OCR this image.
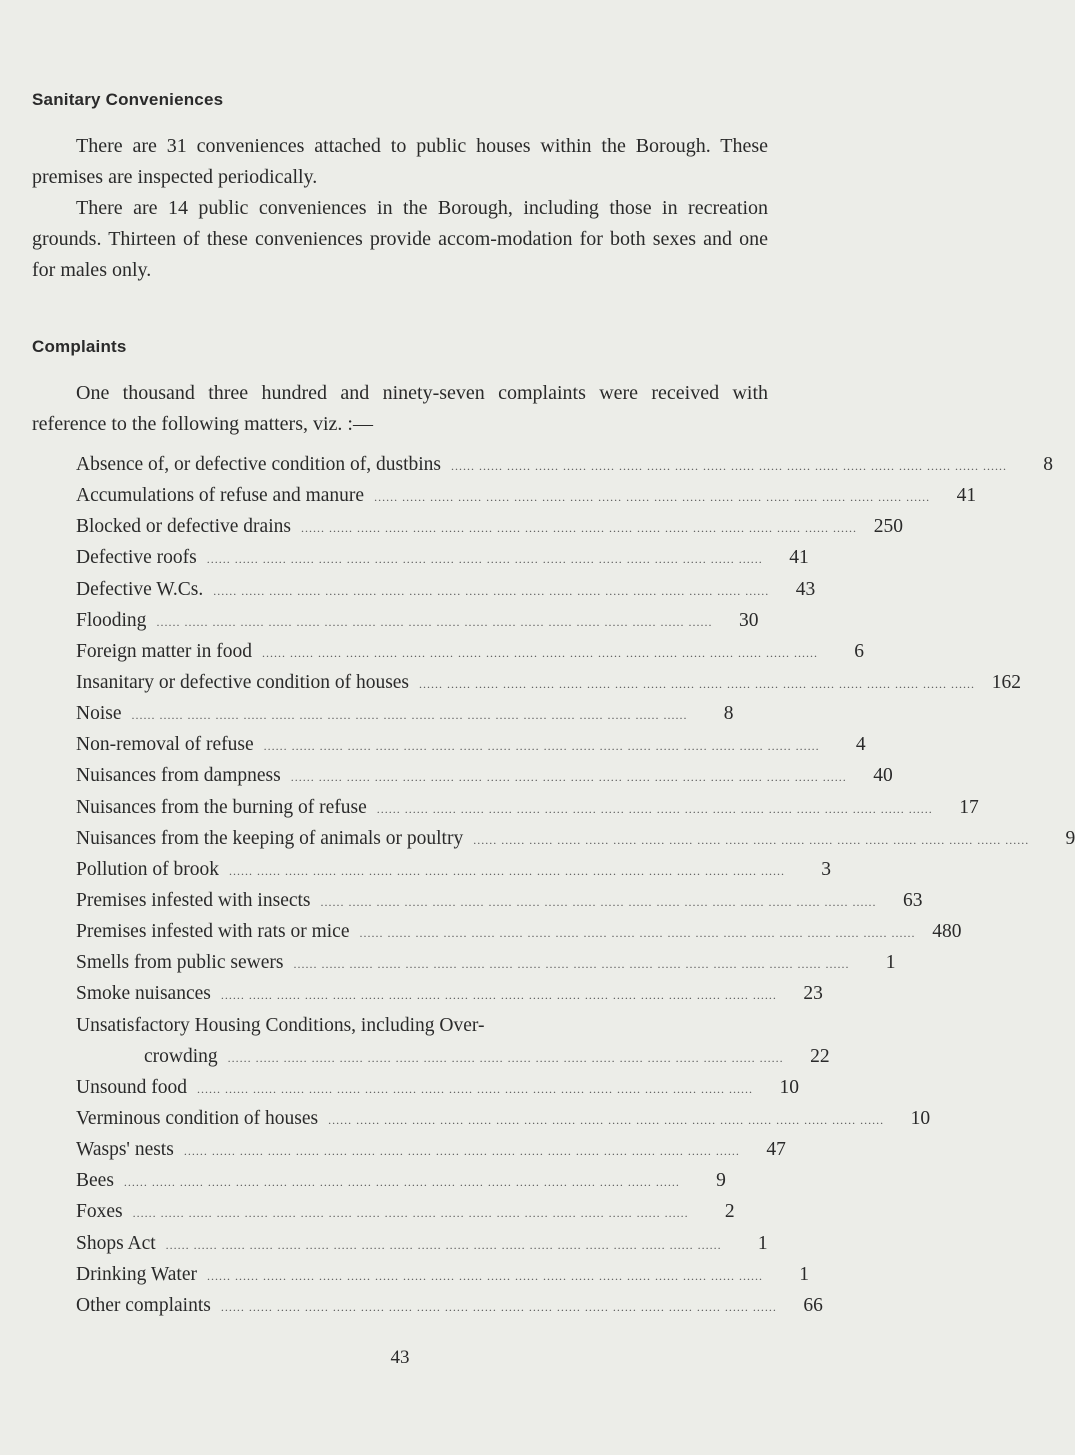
Sanitary Conveniences

There are 31 conveniences attached to public houses within the Borough. These premises are inspected periodically.

There are 14 public conveniences in the Borough, including those in recreation grounds. Thirteen of these conveniences provide accom-modation for both sexes and one for males only.

Complaints

One thousand three hundred and ninety-seven complaints were received with reference to the following matters, viz. :—

Absence of, or defective condition of, dustbins ...... ...... ...... ...... ...... ...... ...... ...... ...... ...... ...... ...... ...... ...... ...... ...... ...... ...... ...... ......	8
Accumulations of refuse and manure ...... ...... ...... ...... ...... ...... ...... ...... ...... ...... ...... ...... ...... ...... ...... ...... ...... ...... ...... ......	41
Blocked or defective drains ...... ...... ...... ...... ...... ...... ...... ...... ...... ...... ...... ...... ...... ...... ...... ...... ...... ...... ...... ...... 250
Defective roofs ...... ...... ...... ...... ...... ...... ...... ...... ...... ...... ...... ...... ...... ...... ...... ...... ...... ...... ...... ......	41
Defective W.Cs. ...... ...... ...... ...... ...... ...... ...... ...... ...... ...... ...... ...... ...... ...... ...... ...... ...... ...... ...... ......	43
Flooding ...... ...... ...... ...... ...... ...... ...... ...... ...... ...... ...... ...... ...... ...... ...... ...... ...... ...... ...... ......	30
Foreign matter in food ...... ...... ...... ...... ...... ...... ...... ...... ...... ...... ...... ...... ...... ...... ...... ...... ...... ...... ...... ......	6
Insanitary or defective condition of houses ...... ...... ...... ...... ...... ...... ...... ...... ...... ...... ...... ...... ...... ...... ...... ...... ...... ...... ...... ...... 162
Noise ...... ...... ...... ...... ...... ...... ...... ...... ...... ...... ...... ...... ...... ...... ...... ...... ...... ...... ...... ......	8
Non-removal of refuse ...... ...... ...... ...... ...... ...... ...... ...... ...... ...... ...... ...... ...... ...... ...... ...... ...... ...... ...... ......	4
Nuisances from dampness ...... ...... ...... ...... ...... ...... ...... ...... ...... ...... ...... ...... ...... ...... ...... ...... ...... ...... ...... ......	40
Nuisances from the burning of refuse ...... ...... ...... ...... ...... ...... ...... ...... ...... ...... ...... ...... ...... ...... ...... ...... ...... ...... ...... ......	17
Nuisances from the keeping of animals or poultry ...... ...... ...... ...... ...... ...... ...... ...... ...... ...... ...... ...... ...... ...... ...... ...... ...... ...... ...... ......	9
Pollution of brook ...... ...... ...... ...... ...... ...... ...... ...... ...... ...... ...... ...... ...... ...... ...... ...... ...... ...... ...... ......	3
Premises infested with insects ...... ...... ...... ...... ...... ...... ...... ...... ...... ...... ...... ...... ...... ...... ...... ...... ...... ...... ...... ......	63
Premises infested with rats or mice ...... ...... ...... ...... ...... ...... ...... ...... ...... ...... ...... ...... ...... ...... ...... ...... ...... ...... ...... ...... 480
Smells from public sewers ...... ...... ...... ...... ...... ...... ...... ...... ...... ...... ...... ...... ...... ...... ...... ...... ...... ...... ...... ......	1
Smoke nuisances ...... ...... ...... ...... ...... ...... ...... ...... ...... ...... ...... ...... ...... ...... ...... ...... ...... ...... ...... ......	23
Unsatisfactory Housing Conditions, including Over-
crowding ...... ...... ...... ...... ...... ...... ...... ...... ...... ...... ...... ...... ...... ...... ...... ...... ...... ...... ...... ......	22
Unsound food ...... ...... ...... ...... ...... ...... ...... ...... ...... ...... ...... ...... ...... ...... ...... ...... ...... ...... ...... ......	10
Verminous condition of houses ...... ...... ...... ...... ...... ...... ...... ...... ...... ...... ...... ...... ...... ...... ...... ...... ...... ...... ...... ......	10
Wasps' nests ...... ...... ...... ...... ...... ...... ...... ...... ...... ...... ...... ...... ...... ...... ...... ...... ...... ...... ...... ......	47
Bees ...... ...... ...... ...... ...... ...... ...... ...... ...... ...... ...... ...... ...... ...... ...... ...... ...... ...... ...... ......	9
Foxes ...... ...... ...... ...... ...... ...... ...... ...... ...... ...... ...... ...... ...... ...... ...... ...... ...... ...... ...... ......	2
Shops Act ...... ...... ...... ...... ...... ...... ...... ...... ...... ...... ...... ...... ...... ...... ...... ...... ...... ...... ...... ......	1
Drinking Water ...... ...... ...... ...... ...... ...... ...... ...... ...... ...... ...... ...... ...... ...... ...... ...... ...... ...... ...... ......	1
Other complaints ...... ...... ...... ...... ...... ...... ...... ...... ...... ...... ...... ...... ...... ...... ...... ...... ...... ...... ...... ......	66
43
